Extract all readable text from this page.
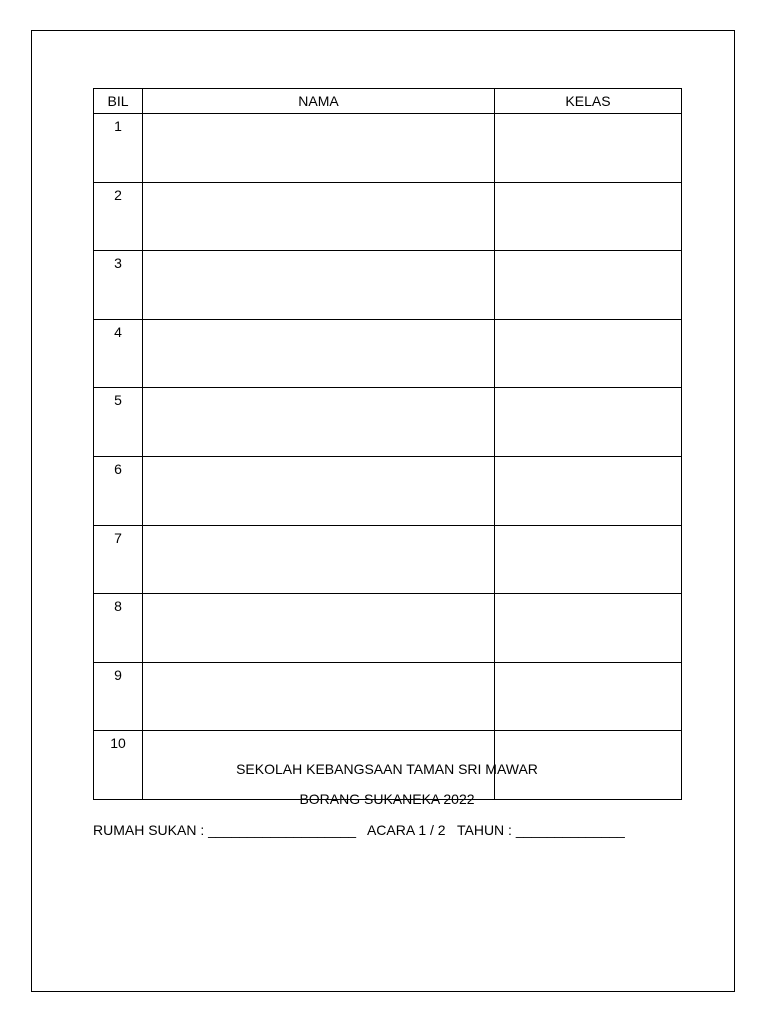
BIL	NAMA	KELAS
1		
2		
3		
4		
5		
6		
7		
8		
9		
10		
SEKOLAH KEBANGSAAN TAMAN SRI MAWAR
BORANG SUKANEKA 2022
RUMAH SUKAN : ___________________ ACARA 1 / 2 TAHUN : ______________
